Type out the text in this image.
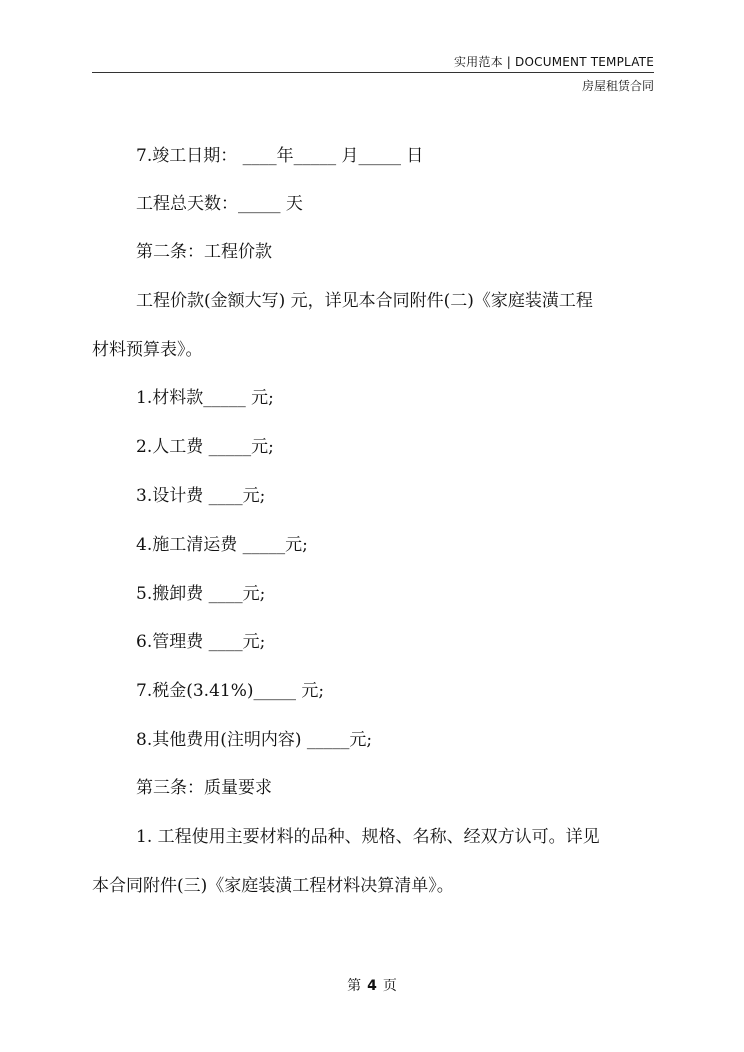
实用范本 | DOCUMENT TEMPLATE
房屋租赁合同
7.竣工日期： ____年_____ 月_____ 日
工程总天数：_____ 天
第二条：工程价款
工程价款(金额大写) 元，详见本合同附件(二)《家庭装潢工程
材料预算表》。
1.材料款_____ 元;
2.人工费 _____元;
3.设计费 ____元;
4.施工清运费 _____元;
5.搬卸费 ____元;
6.管理费 ____元;
7.税金(3.41%)_____ 元;
8.其他费用(注明内容) _____元;
第三条：质量要求
1. 工程使用主要材料的品种、规格、名称、经双方认可。详见
本合同附件(三)《家庭装潢工程材料决算清单》。
第 4 页
